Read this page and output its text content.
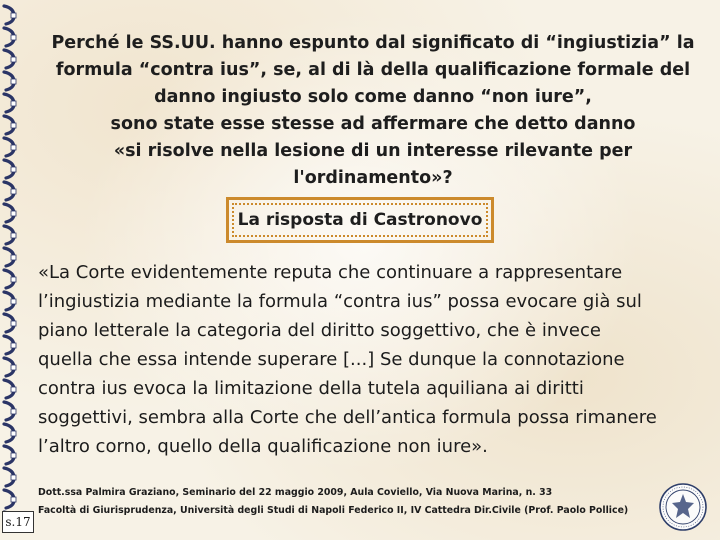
Perché le SS.UU. hanno espunto dal significato di “ingiustizia” la
formula “contra ius”, se, al di là della qualificazione formale del
danno ingiusto solo come danno “non iure”,
sono state esse stesse ad affermare che detto danno
«si risolve nella lesione di un interesse rilevante per l'ordinamento»?
La risposta di Castronovo
«La Corte evidentemente reputa che continuare a rappresentare
l’ingiustizia mediante la formula “contra ius” possa evocare già sul
piano letterale la categoria del diritto soggettivo, che è invece
quella che essa intende superare [...] Se dunque la connotazione
contra ius evoca la limitazione della tutela aquiliana ai diritti
soggettivi, sembra alla Corte che dell’antica formula possa rimanere
l’altro corno, quello della qualificazione non iure».
Dott.ssa Palmira Graziano, Seminario del 22 maggio 2009, Aula Coviello, Via Nuova Marina, n. 33
Facoltà di Giurisprudenza, Università degli Studi di Napoli Federico II, IV Cattedra Dir.Civile (Prof. Paolo Pollice)
s.17
